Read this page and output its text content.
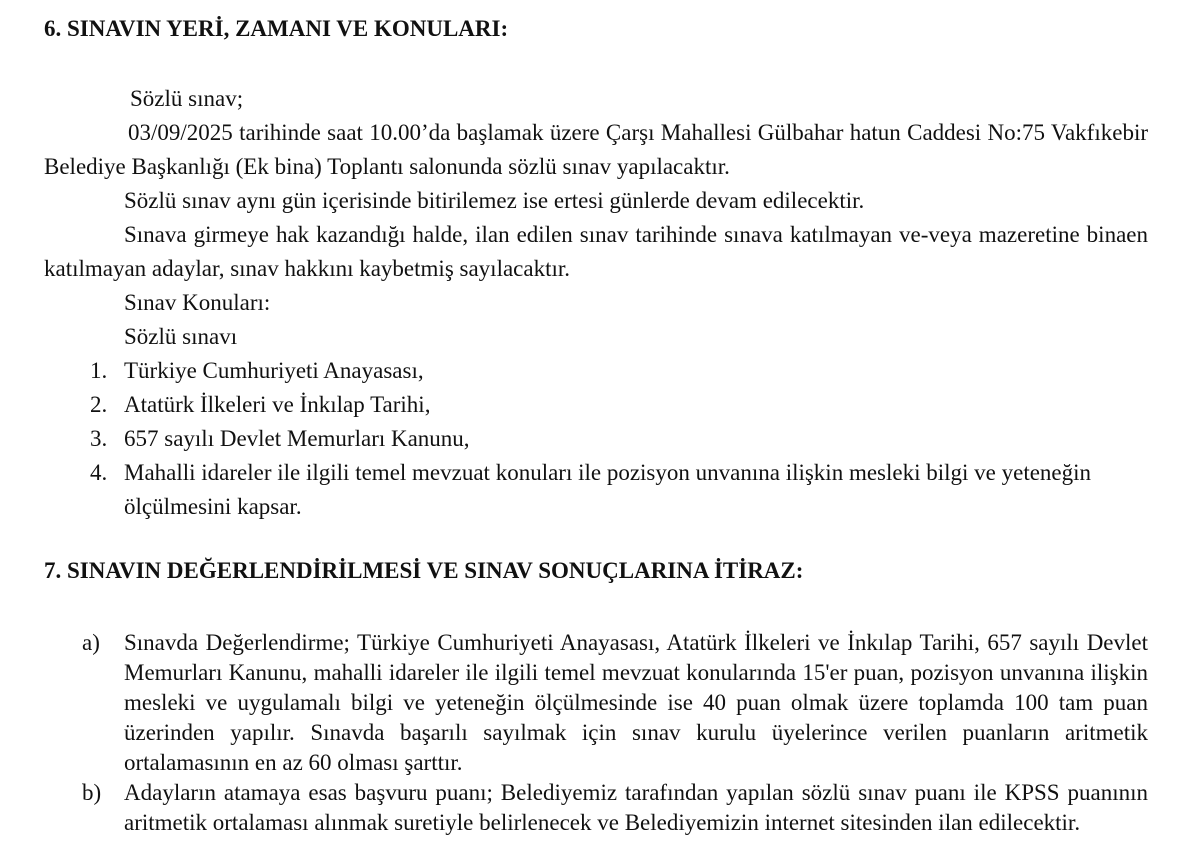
6. SINAVIN YERİ, ZAMANI VE KONULARI:

Sözlü sınav;

03/09/2025 tarihinde saat 10.00’da başlamak üzere Çarşı Mahallesi Gülbahar hatun Caddesi No:75 Vakfıkebir Belediye Başkanlığı (Ek bina) Toplantı salonunda sözlü sınav yapılacaktır.

Sözlü sınav aynı gün içerisinde bitirilemez ise ertesi günlerde devam edilecektir.

Sınava girmeye hak kazandığı halde, ilan edilen sınav tarihinde sınava katılmayan ve-veya mazeretine binaen katılmayan adaylar, sınav hakkını kaybetmiş sayılacaktır.

Sınav Konuları:

Sözlü sınavı

1. Türkiye Cumhuriyeti Anayasası,
2. Atatürk İlkeleri ve İnkılap Tarihi,
3. 657 sayılı Devlet Memurları Kanunu,
4. Mahalli idareler ile ilgili temel mevzuat konuları ile pozisyon unvanına ilişkin mesleki bilgi ve yeteneğin ölçülmesini kapsar.
7. SINAVIN DEĞERLENDİRİLMESİ VE SINAV SONUÇLARINA İTİRAZ:
a)	Sınavda Değerlendirme; Türkiye Cumhuriyeti Anayasası, Atatürk İlkeleri ve İnkılap Tarihi, 657 sayılı Devlet Memurları Kanunu, mahalli idareler ile ilgili temel mevzuat konularında 15'er puan, pozisyon unvanına ilişkin mesleki ve uygulamalı bilgi ve yeteneğin ölçülmesinde ise 40 puan olmak üzere toplamda 100 tam puan üzerinden yapılır. Sınavda başarılı sayılmak için sınav kurulu üyelerince verilen puanların aritmetik ortalamasının en az 60 olması şarttır.
b) Adayların atamaya esas başvuru puanı; Belediyemiz tarafından yapılan sözlü sınav puanı ile KPSS puanının aritmetik ortalaması alınmak suretiyle belirlenecek ve Belediyemizin internet sitesinden ilan edilecektir.
